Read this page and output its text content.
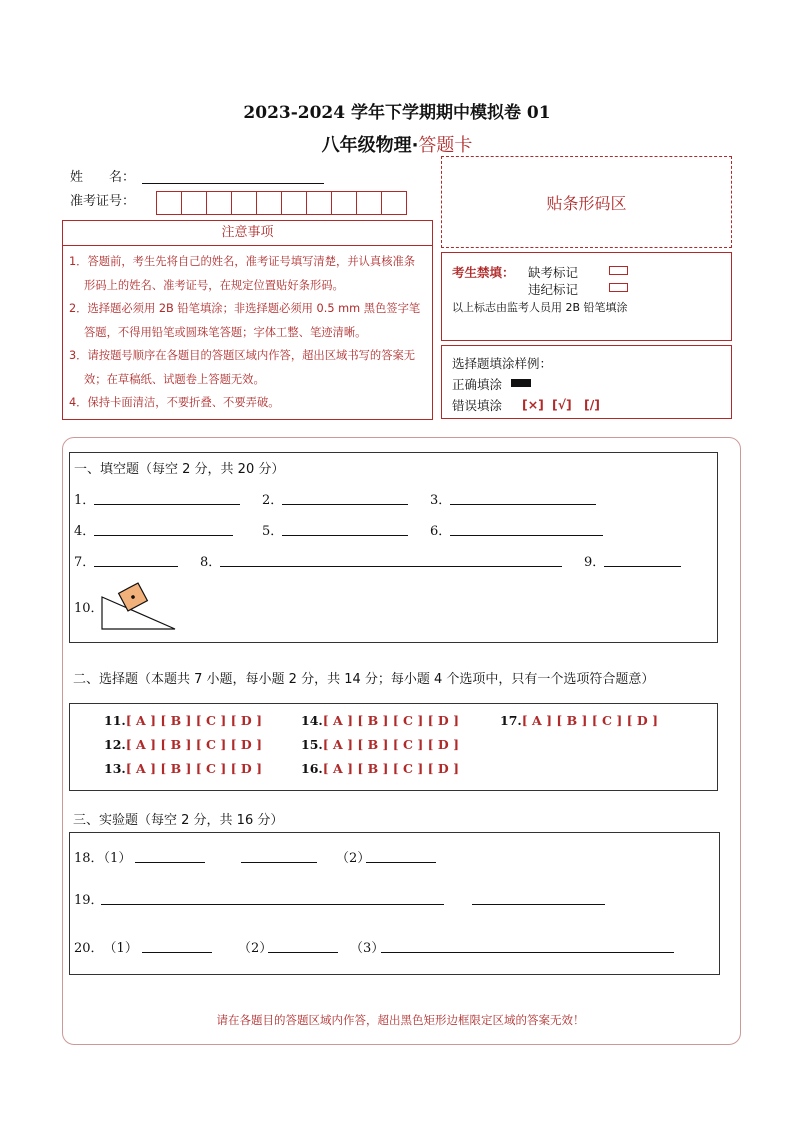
2023-2024 学年下学期期中模拟卷 01
八年级物理·答题卡
姓　　名：
准考证号：
注意事项
1．答题前，考生先将自己的姓名，准考证号填写清楚，并认真核准条形码上的姓名、准考证号，在规定位置贴好条形码。
2．选择题必须用 2B 铅笔填涂；非选择题必须用 0.5 mm 黑色签字笔答题，不得用铅笔或圆珠笔答题；字体工整、笔迹清晰。
3．请按题号顺序在各题目的答题区域内作答，超出区域书写的答案无效；在草稿纸、试题卷上答题无效。
4．保持卡面清洁，不要折叠、不要弄破。
贴条形码区
考生禁填： 缺考标记
违纪标记
以上标志由监考人员用 2B 铅笔填涂
选择题填涂样例：
正确填涂
错误填涂 [×] [√] [/]
一、填空题（每空 2 分，共 20 分）
1．	2．	3．
4．	5．	6．
7．	8．	9．
10．
二、选择题（本题共 7 小题，每小题 2 分，共 14 分；每小题 4 个选项中，只有一个选项符合题意）
11.[ A ] [ B ] [ C ] [ D ]
12.[ A ] [ B ] [ C ] [ D ]
13.[ A ] [ B ] [ C ] [ D ]
14.[ A ] [ B ] [ C ] [ D ]
15.[ A ] [ B ] [ C ] [ D ]
16.[ A ] [ B ] [ C ] [ D ]
17.[ A ] [ B ] [ C ] [ D ]
三、实验题（每空 2 分，共 16 分）
18．（1）	（2）
19．
20．　（1）	（2）	（3）
请在各题目的答题区域内作答，超出黑色矩形边框限定区域的答案无效！
